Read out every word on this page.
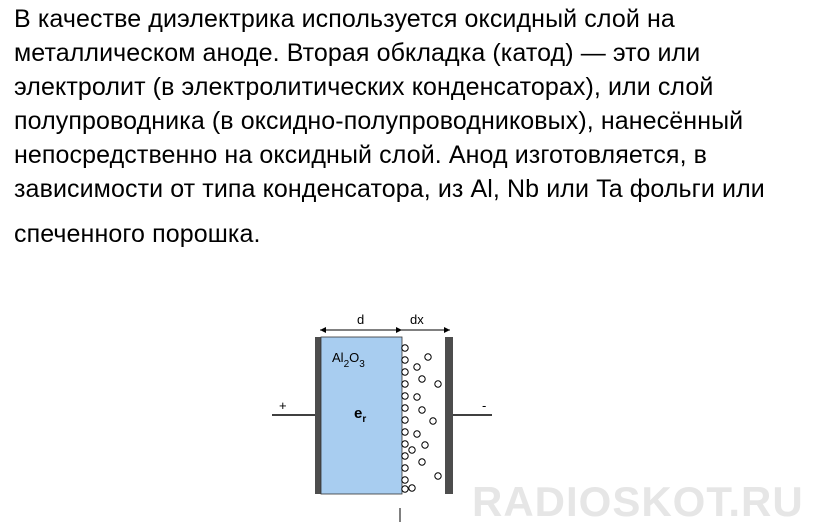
В качестве диэлектрика используется оксидный слой на
металлическом аноде. Вторая обкладка (катод) — это или
электролит (в электролитических конденсаторах), или слой
полупроводника (в оксидно-полупроводниковых), нанесённый
непосредственно на оксидный слой. Анод изготовляется, в
зависимости от типа конденсатора, из Al, Nb или Ta фольги или
спеченного порошка.
d	dx
$Al_2O_3$
$e_r$
+	-
RADIOSKOT.RU
